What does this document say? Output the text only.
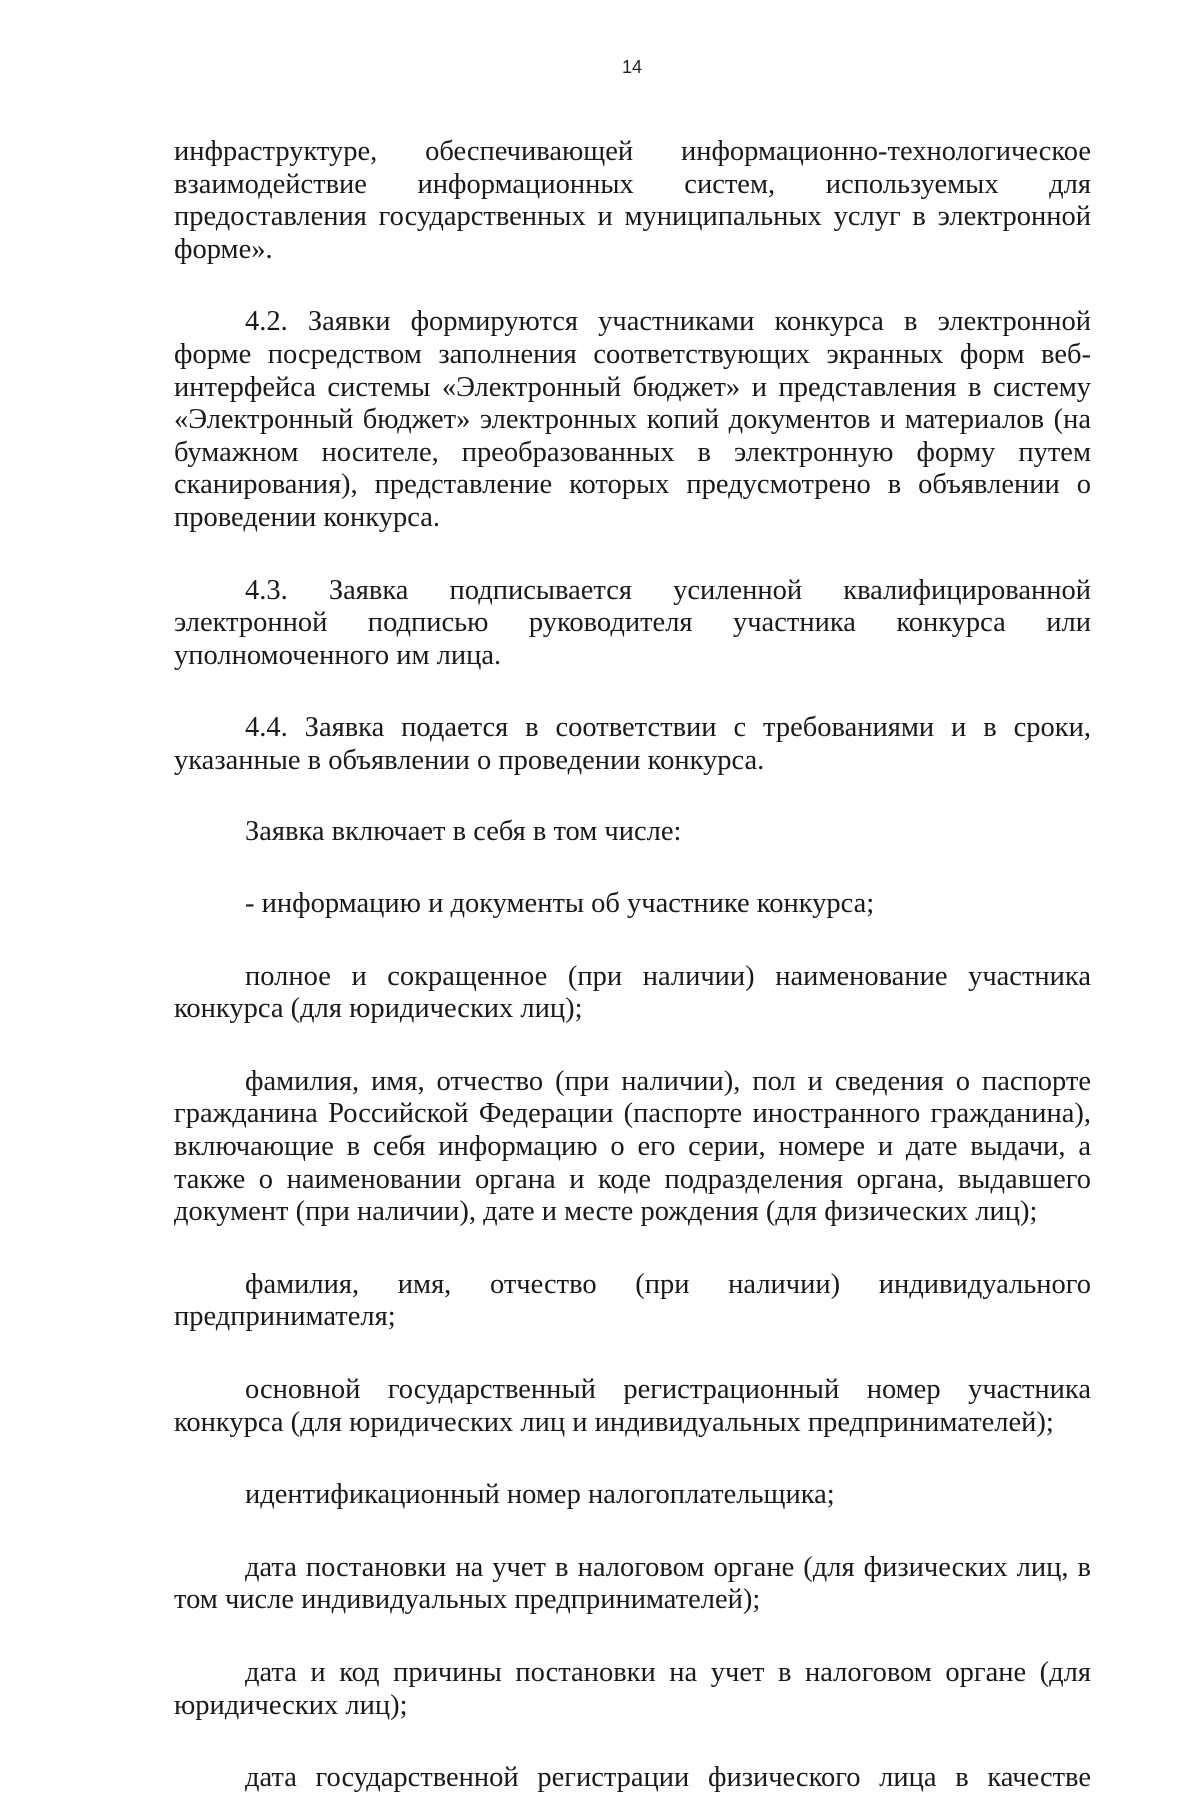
14

инфраструктуре, обеспечивающей информационно-технологическое взаимодействие информационных систем, используемых для предоставления государственных и муниципальных услуг в электронной форме».

4.2. Заявки формируются участниками конкурса в электронной форме посредством заполнения соответствующих экранных форм веб-интерфейса системы «Электронный бюджет» и представления в систему «Электронный бюджет» электронных копий документов и материалов (на бумажном носителе, преобразованных в электронную форму путем сканирования), представление которых предусмотрено в объявлении о проведении конкурса.

4.3. Заявка подписывается усиленной квалифицированной электронной подписью руководителя участника конкурса или уполномоченного им лица.

4.4. Заявка подается в соответствии с требованиями и в сроки, указанные в объявлении о проведении конкурса.

Заявка включает в себя в том числе:

- информацию и документы об участнике конкурса;

полное и сокращенное (при наличии) наименование участника конкурса (для юридических лиц);

фамилия, имя, отчество (при наличии), пол и сведения о паспорте гражданина Российской Федерации (паспорте иностранного гражданина), включающие в себя информацию о его серии, номере и дате выдачи, а также о наименовании органа и коде подразделения органа, выдавшего документ (при наличии), дате и месте рождения (для физических лиц);

фамилия, имя, отчество (при наличии) индивидуального предпринимателя;

основной государственный регистрационный номер участника конкурса (для юридических лиц и индивидуальных предпринимателей);

идентификационный номер налогоплательщика;

дата постановки на учет в налоговом органе (для физических лиц, в том числе индивидуальных предпринимателей);

дата и код причины постановки на учет в налоговом органе (для юридических лиц);

дата государственной регистрации физического лица в качестве
